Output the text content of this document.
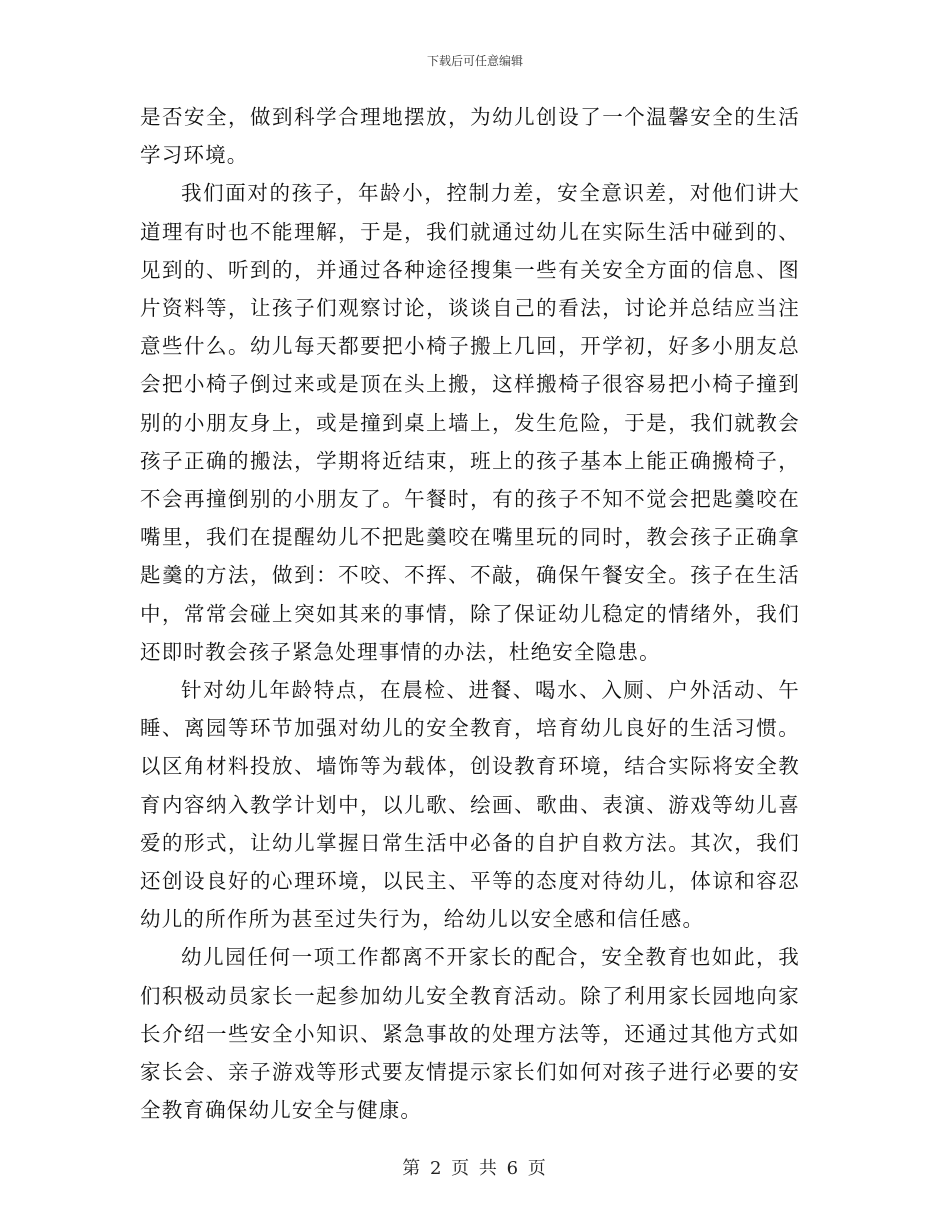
下载后可任意编辑

是否安全，做到科学合理地摆放，为幼儿创设了一个温馨安全的生活学习环境。

我们面对的孩子，年龄小，控制力差，安全意识差，对他们讲大道理有时也不能理解，于是，我们就通过幼儿在实际生活中碰到的、见到的、听到的，并通过各种途径搜集一些有关安全方面的信息、图片资料等，让孩子们观察讨论，谈谈自己的看法，讨论并总结应当注意些什么。幼儿每天都要把小椅子搬上几回，开学初，好多小朋友总会把小椅子倒过来或是顶在头上搬，这样搬椅子很容易把小椅子撞到别的小朋友身上，或是撞到桌上墙上，发生危险，于是，我们就教会孩子正确的搬法，学期将近结束，班上的孩子基本上能正确搬椅子，不会再撞倒别的小朋友了。午餐时，有的孩子不知不觉会把匙羹咬在嘴里，我们在提醒幼儿不把匙羹咬在嘴里玩的同时，教会孩子正确拿匙羹的方法，做到：不咬、不挥、不敲，确保午餐安全。孩子在生活中，常常会碰上突如其来的事情，除了保证幼儿稳定的情绪外，我们还即时教会孩子紧急处理事情的办法，杜绝安全隐患。

针对幼儿年龄特点，在晨检、进餐、喝水、入厕、户外活动、午睡、离园等环节加强对幼儿的安全教育，培育幼儿良好的生活习惯。以区角材料投放、墙饰等为载体，创设教育环境，结合实际将安全教育内容纳入教学计划中，以儿歌、绘画、歌曲、表演、游戏等幼儿喜爱的形式，让幼儿掌握日常生活中必备的自护自救方法。其次，我们还创设良好的心理环境，以民主、平等的态度对待幼儿，体谅和容忍幼儿的所作所为甚至过失行为，给幼儿以安全感和信任感。

幼儿园任何一项工作都离不开家长的配合，安全教育也如此，我们积极动员家长一起参加幼儿安全教育活动。除了利用家长园地向家长介绍一些安全小知识、紧急事故的处理方法等，还通过其他方式如家长会、亲子游戏等形式要友情提示家长们如何对孩子进行必要的安全教育确保幼儿安全与健康。

第 2 页 共 6 页
